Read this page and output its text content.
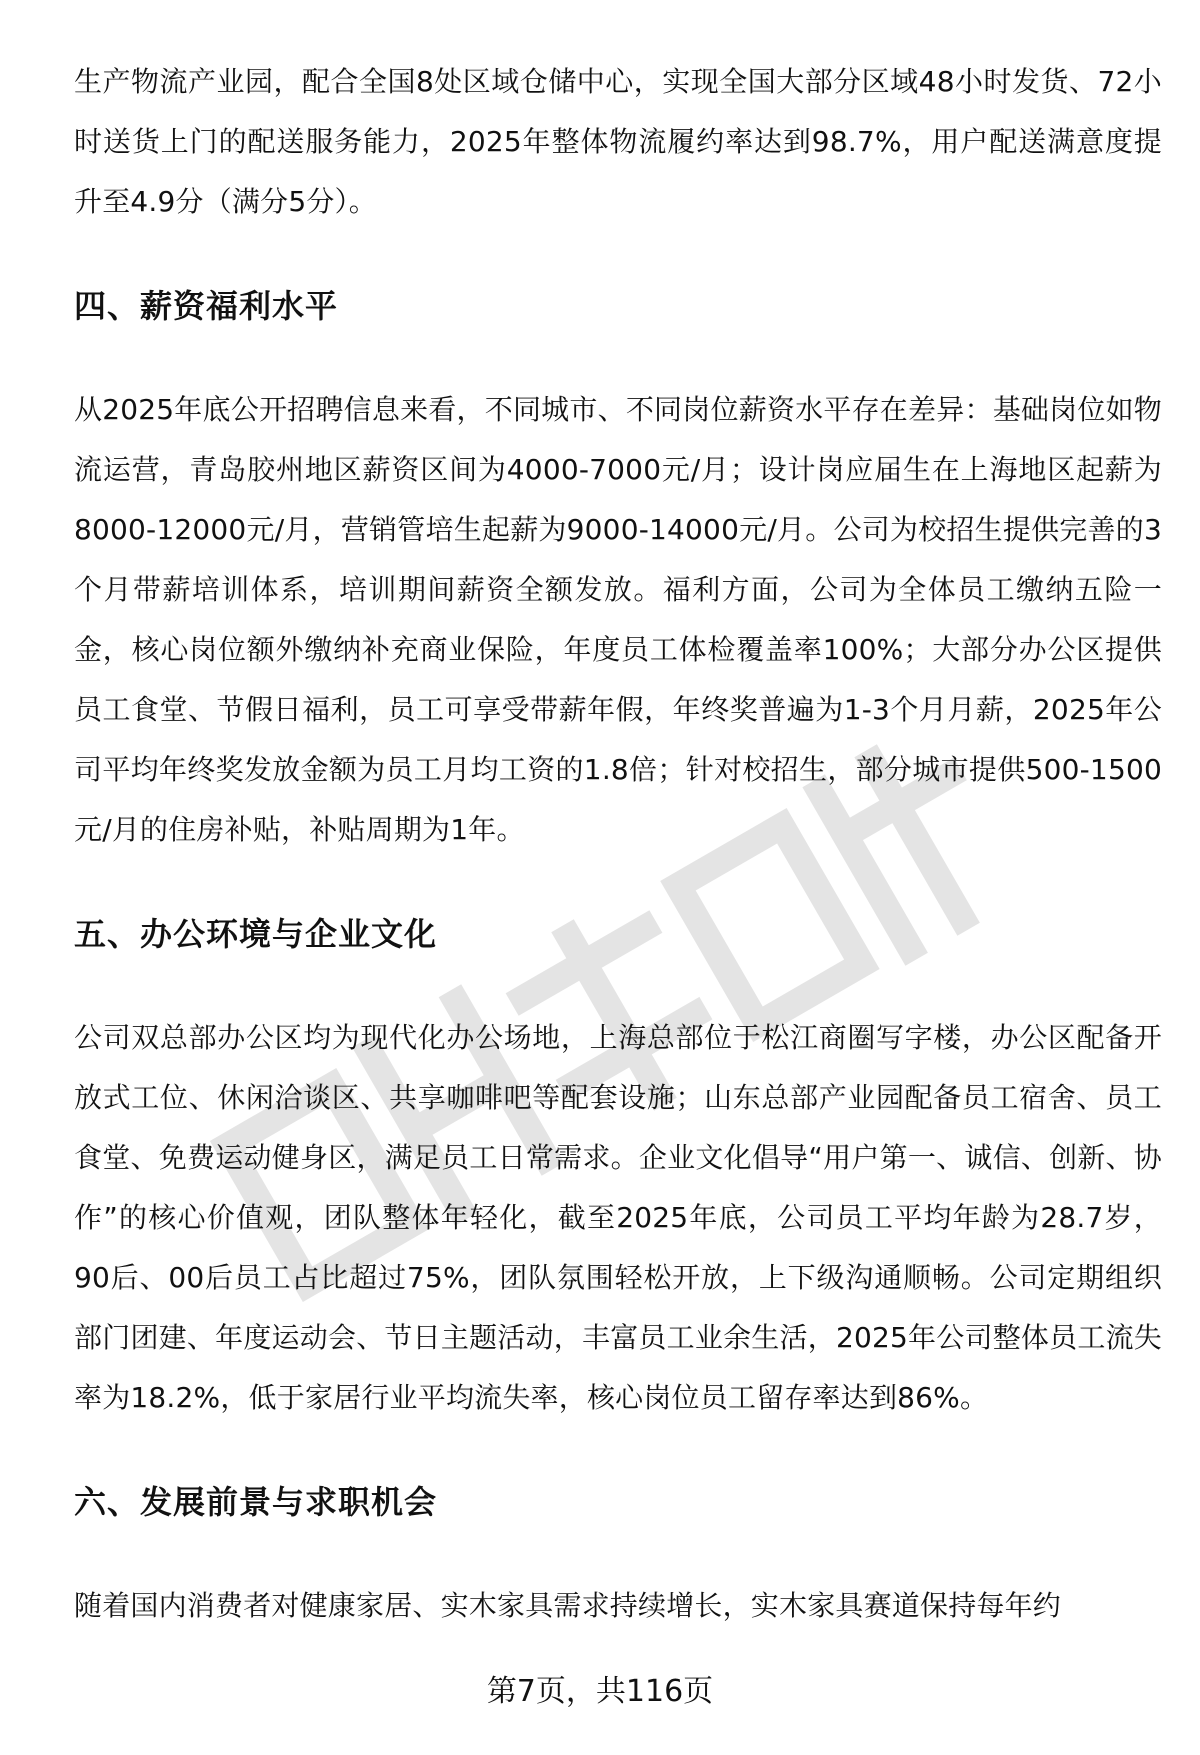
生产物流产业园，配合全国8处区域仓储中心，实现全国大部分区域48小时发货、72小时送货上门的配送服务能力，2025年整体物流履约率达到98.7%，用户配送满意度提升至4.9分（满分5分）。

四、薪资福利水平

从2025年底公开招聘信息来看，不同城市、不同岗位薪资水平存在差异：基础岗位如物流运营，青岛胶州地区薪资区间为4000-7000元/月；设计岗应届生在上海地区起薪为8000-12000元/月，营销管培生起薪为9000-14000元/月。公司为校招生提供完善的3个月带薪培训体系，培训期间薪资全额发放。福利方面，公司为全体员工缴纳五险一金，核心岗位额外缴纳补充商业保险，年度员工体检覆盖率100%；大部分办公区提供员工食堂、节假日福利，员工可享受带薪年假，年终奖普遍为1-3个月月薪，2025年公司平均年终奖发放金额为员工月均工资的1.8倍；针对校招生，部分城市提供500-1500元/月的住房补贴，补贴周期为1年。

五、办公环境与企业文化

公司双总部办公区均为现代化办公场地，上海总部位于松江商圈写字楼，办公区配备开放式工位、休闲洽谈区、共享咖啡吧等配套设施；山东总部产业园配备员工宿舍、员工食堂、免费运动健身区，满足员工日常需求。企业文化倡导“用户第一、诚信、创新、协作”的核心价值观，团队整体年轻化，截至2025年底，公司员工平均年龄为28.7岁，90后、00后员工占比超过75%，团队氛围轻松开放，上下级沟通顺畅。公司定期组织部门团建、年度运动会、节日主题活动，丰富员工业余生活，2025年公司整体员工流失率为18.2%，低于家居行业平均流失率，核心岗位员工留存率达到86%。

六、发展前景与求职机会

随着国内消费者对健康家居、实木家具需求持续增长，实木家具赛道保持每年约

第7页，共116页
